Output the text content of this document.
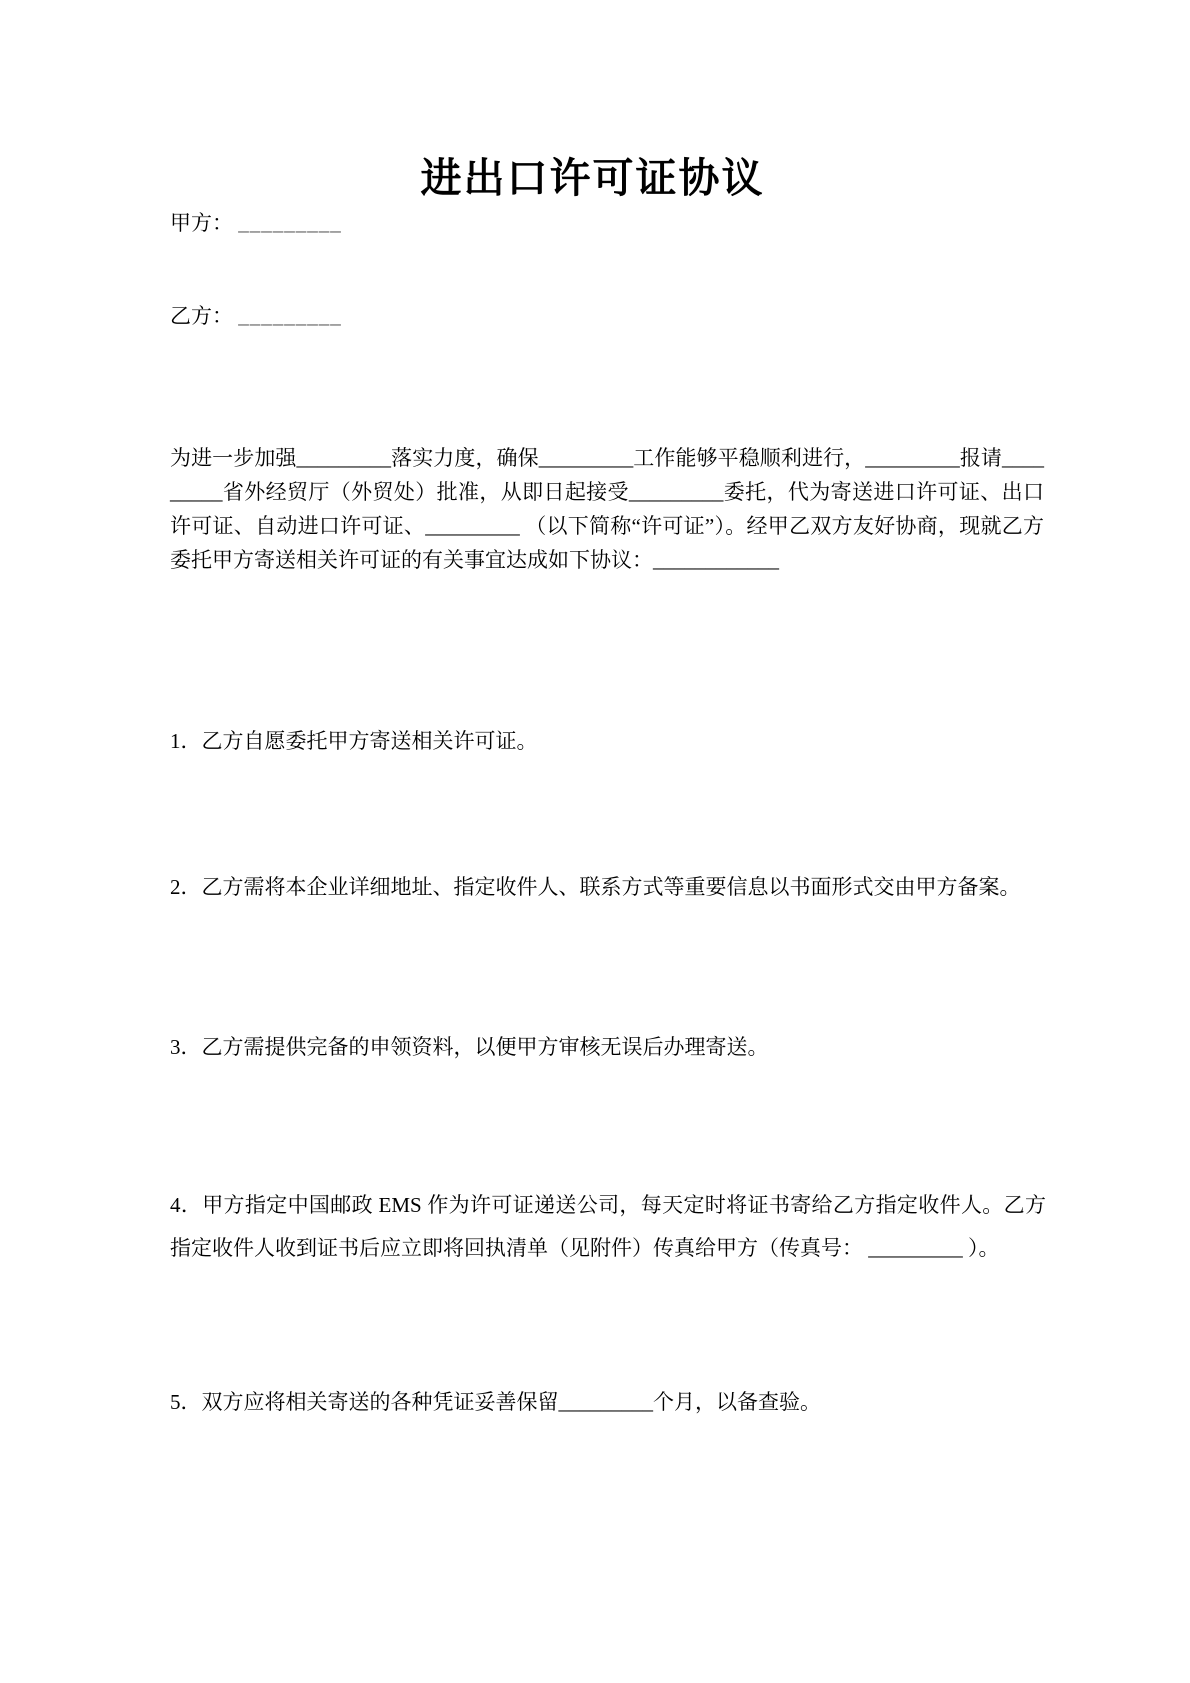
进出口许可证协议
甲方： _________
乙方： _________
为进一步加强_________落实力度，确保_________工作能够平稳顺利进行，_________报请_________省外经贸厅（外贸处）批准，从即日起接受_________委托，代为寄送进口许可证、出口许可证、自动进口许可证、_________ （以下简称“许可证”）。经甲乙双方友好协商，现就乙方委托甲方寄送相关许可证的有关事宜达成如下协议：____________
1．乙方自愿委托甲方寄送相关许可证。
2．乙方需将本企业详细地址、指定收件人、联系方式等重要信息以书面形式交由甲方备案。
3．乙方需提供完备的申领资料，以便甲方审核无误后办理寄送。
4．甲方指定中国邮政 EMS 作为许可证递送公司，每天定时将证书寄给乙方指定收件人。乙方指定收件人收到证书后应立即将回执清单（见附件）传真给甲方（传真号： _________ ）。
5．双方应将相关寄送的各种凭证妥善保留_________个月，以备查验。
